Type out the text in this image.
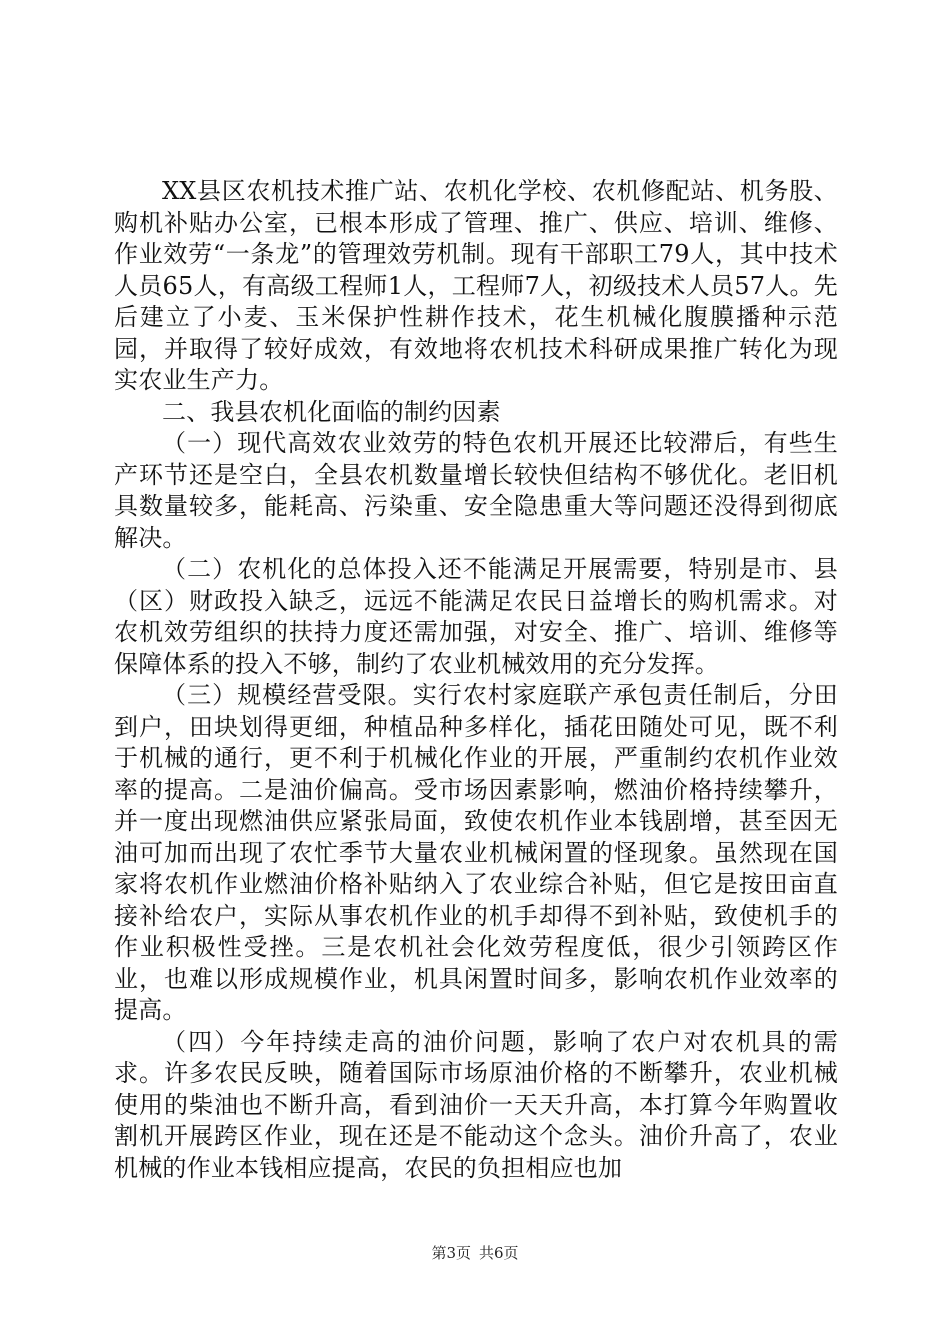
XX县区农机技术推广站、农机化学校、农机修配站、机务股、购机补贴办公室，已根本形成了管理、推广、供应、培训、维修、作业效劳“一条龙”的管理效劳机制。现有干部职工79人，其中技术人员65人，有高级工程师1人，工程师7人，初级技术人员57人。先后建立了小麦、玉米保护性耕作技术，花生机械化腹膜播种示范园，并取得了较好成效，有效地将农机技术科研成果推广转化为现实农业生产力。

二、我县农机化面临的制约因素

（一）现代高效农业效劳的特色农机开展还比较滞后，有些生产环节还是空白，全县农机数量增长较快但结构不够优化。老旧机具数量较多，能耗高、污染重、安全隐患重大等问题还没得到彻底解决。

（二）农机化的总体投入还不能满足开展需要，特别是市、县（区）财政投入缺乏，远远不能满足农民日益增长的购机需求。对农机效劳组织的扶持力度还需加强，对安全、推广、培训、维修等保障体系的投入不够，制约了农业机械效用的充分发挥。

（三）规模经营受限。实行农村家庭联产承包责任制后，分田到户，田块划得更细，种植品种多样化，插花田随处可见，既不利于机械的通行，更不利于机械化作业的开展，严重制约农机作业效率的提高。二是油价偏高。受市场因素影响，燃油价格持续攀升，并一度出现燃油供应紧张局面，致使农机作业本钱剧增，甚至因无油可加而出现了农忙季节大量农业机械闲置的怪现象。虽然现在国家将农机作业燃油价格补贴纳入了农业综合补贴，但它是按田亩直接补给农户，实际从事农机作业的机手却得不到补贴，致使机手的作业积极性受挫。三是农机社会化效劳程度低，很少引领跨区作业，也难以形成规模作业，机具闲置时间多，影响农机作业效率的提高。

（四）今年持续走高的油价问题，影响了农户对农机具的需求。许多农民反映，随着国际市场原油价格的不断攀升，农业机械使用的柴油也不断升高，看到油价一天天升高，本打算今年购置收割机开展跨区作业，现在还是不能动这个念头。油价升高了，农业机械的作业本钱相应提高，农民的负担相应也加

第3页 共6页
